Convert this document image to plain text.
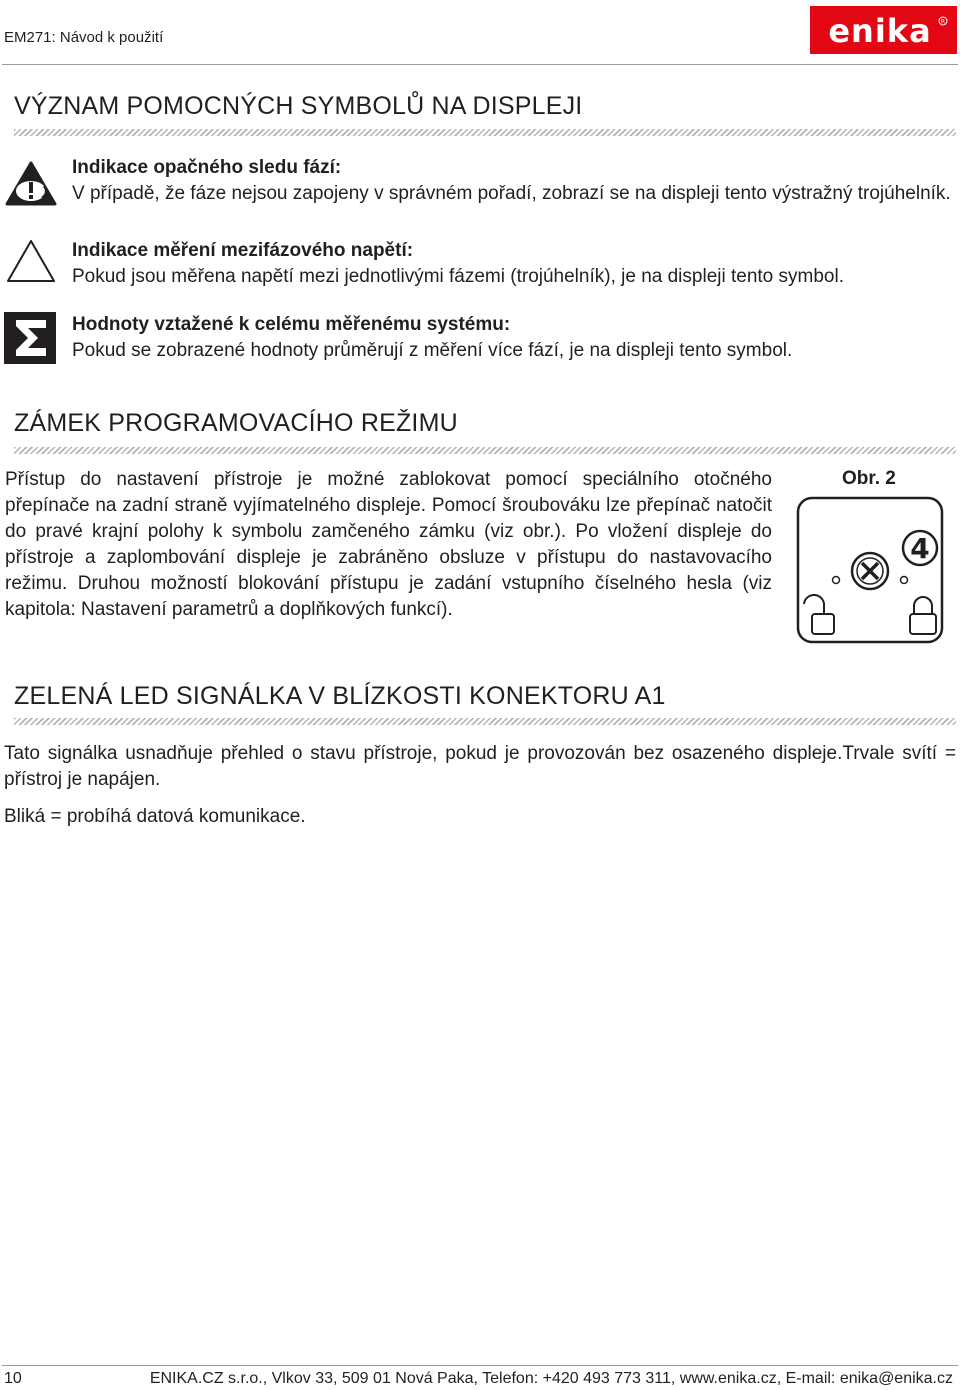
EM271: Návod k použití	enika R
VÝZNAM POMOCNÝCH SYMBOLŮ NA DISPLEJI
Indikace opačného sledu fází:
V případě, že fáze nejsou zapojeny v správném pořadí, zobrazí se na displeji tento výstražný trojúhelník.
Indikace měření mezifázového napětí:
Pokud jsou měřena napětí mezi jednotlivými fázemi (trojúhelník), je na displeji tento symbol.
Hodnoty vztažené k celému měřenému systému:
Pokud se zobrazené hodnoty průměrují z měření více fází, je na displeji tento symbol.
ZÁMEK PROGRAMOVACÍHO REŽIMU
Přístup do nastavení přístroje je možné zablokovat pomocí speciálního otočného přepínače na zadní straně vyjímatelného displeje. Pomocí šroubováku lze přepínač natočit do pravé krajní polohy k symbolu zamčeného zámku (viz obr.). Po vložení displeje do přístroje a zaplombování displeje je zabráněno obsluze v přístupu do nastavovacího režimu. Druhou možností blokování přístupu je zadání vstupního číselného hesla (viz kapitola: Nastavení parametrů a doplňkových funkcí).
Obr. 2
4
ZELENÁ LED SIGNÁLKA V BLÍZKOSTI KONEKTORU A1
Tato signálka usnadňuje přehled o stavu přístroje, pokud je provozován bez osazeného displeje.Trvale svítí = přístroj je napájen.
Bliká = probíhá datová komunikace.
10	ENIKA.CZ s.r.o., Vlkov 33, 509 01 Nová Paka, Telefon: +420 493 773 311, www.enika.cz, E-mail: enika@enika.cz
